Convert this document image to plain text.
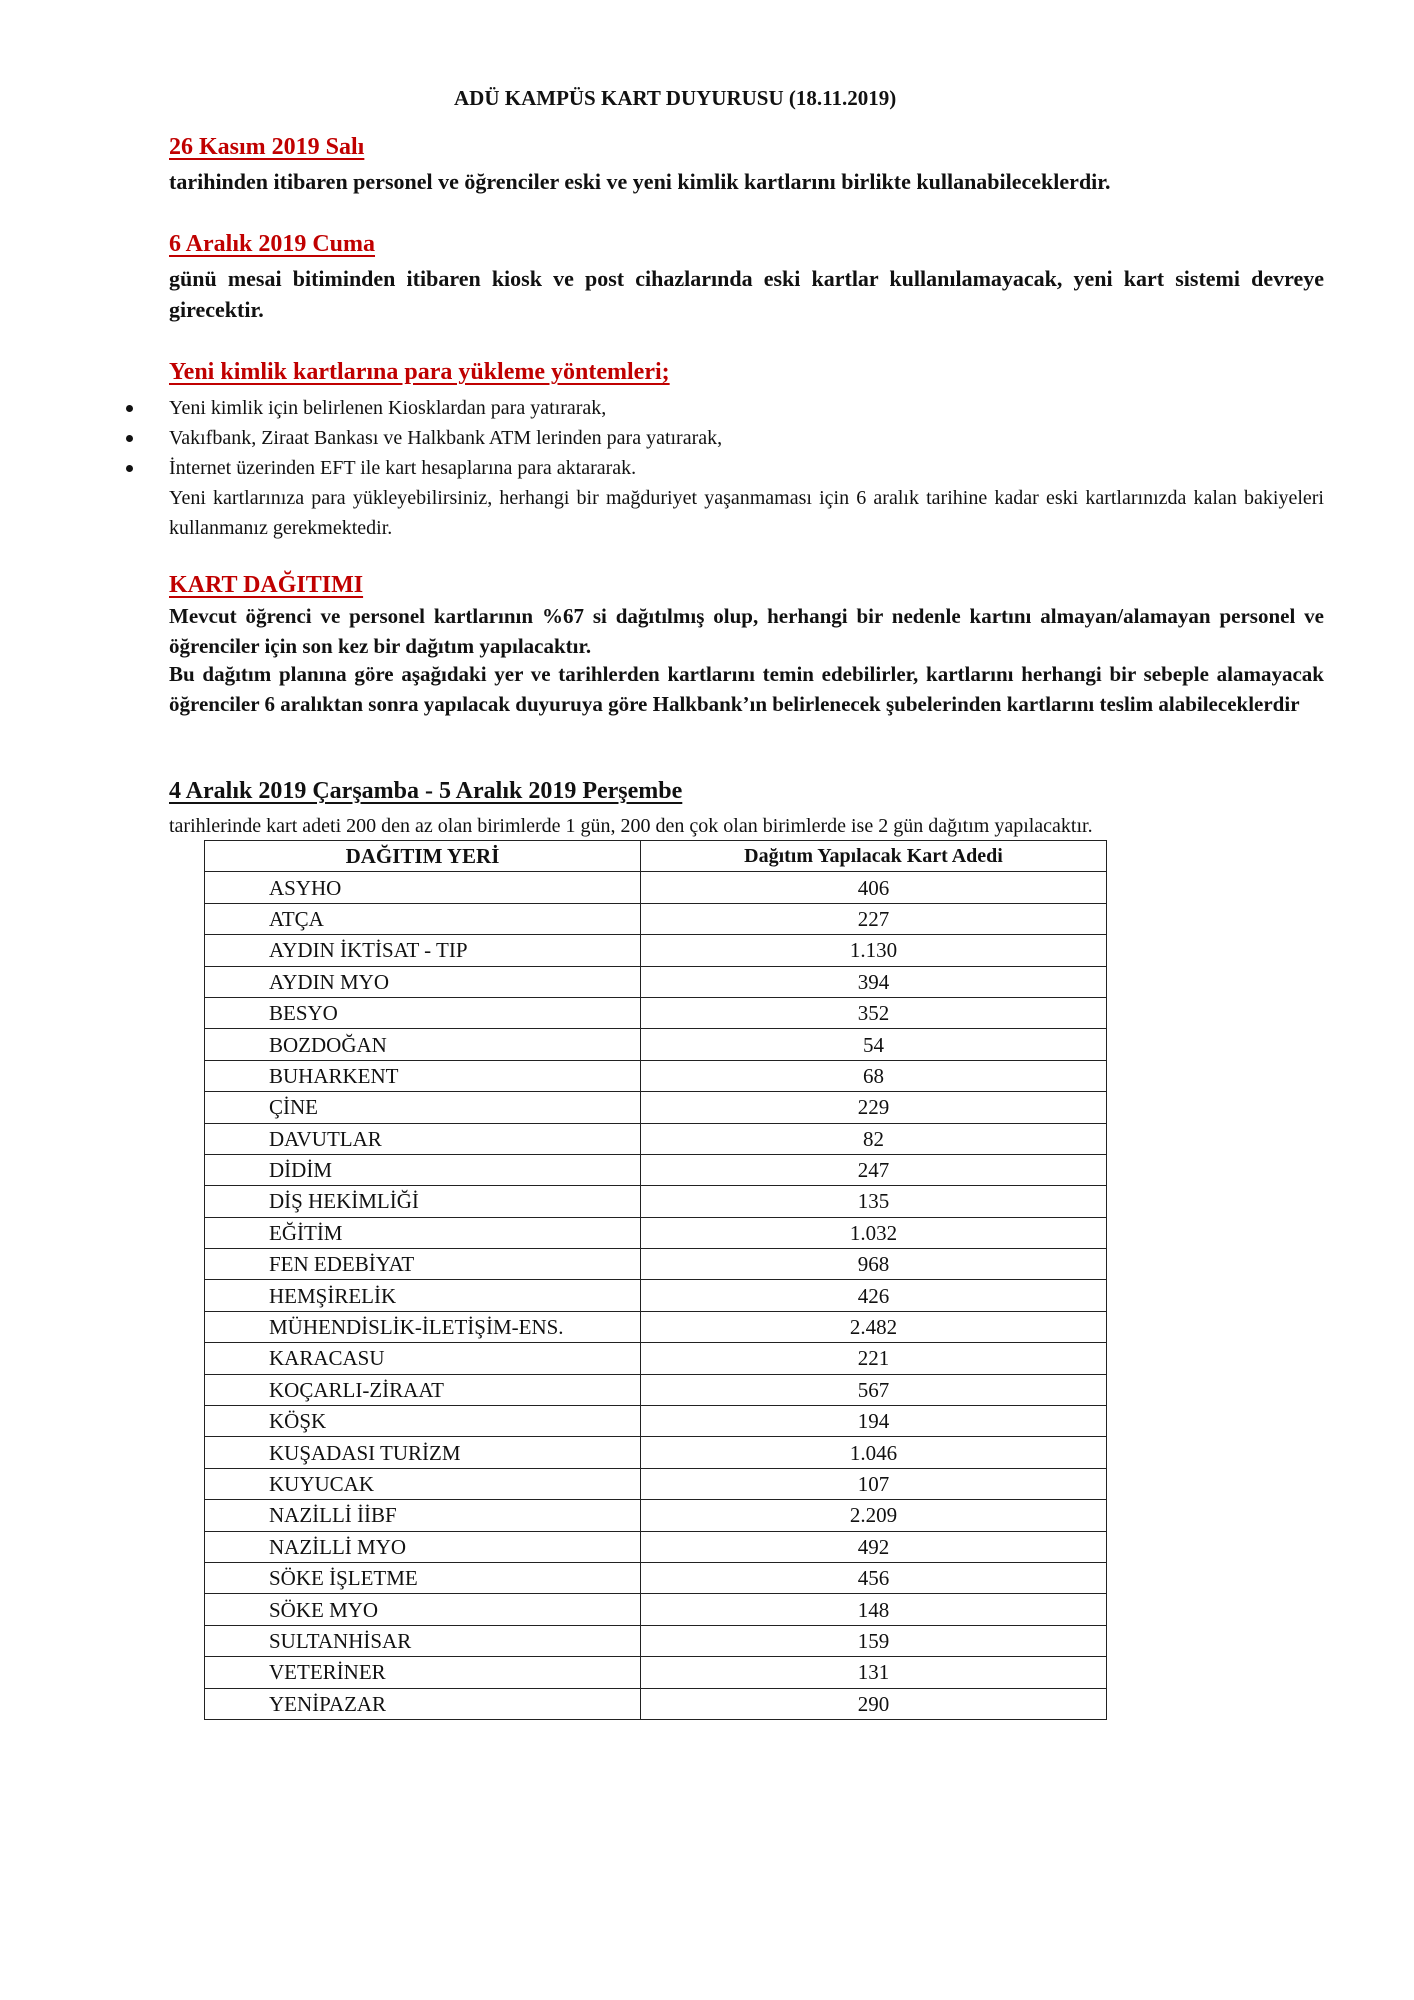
ADÜ KAMPÜS KART DUYURUSU (18.11.2019)
26 Kasım 2019 Salı
tarihinden itibaren personel ve öğrenciler eski ve yeni kimlik kartlarını birlikte kullanabileceklerdir.
6 Aralık 2019 Cuma
günü mesai bitiminden itibaren kiosk ve post cihazlarında eski kartlar kullanılamayacak, yeni kart sistemi devreye girecektir.
Yeni kimlik kartlarına para yükleme yöntemleri;
Yeni kimlik için belirlenen Kiosklardan para yatırarak,
Vakıfbank, Ziraat Bankası ve Halkbank ATM lerinden para yatırarak,
İnternet üzerinden EFT ile kart hesaplarına para aktararak.
Yeni kartlarınıza para yükleyebilirsiniz, herhangi bir mağduriyet yaşanmaması için 6 aralık tarihine kadar eski kartlarınızda kalan bakiyeleri kullanmanız gerekmektedir.
KART DAĞITIMI
Mevcut öğrenci ve personel kartlarının %67 si dağıtılmış olup, herhangi bir nedenle kartını almayan/alamayan personel ve öğrenciler için son kez bir dağıtım yapılacaktır.
Bu dağıtım planına göre aşağıdaki yer ve tarihlerden kartlarını temin edebilirler, kartlarını herhangi bir sebeple alamayacak öğrenciler 6 aralıktan sonra yapılacak duyuruya göre Halkbank’ın belirlenecek şubelerinden kartlarını teslim alabileceklerdir
4 Aralık 2019 Çarşamba - 5 Aralık 2019 Perşembe
tarihlerinde kart adeti 200 den az olan birimlerde 1 gün, 200 den çok olan birimlerde ise 2 gün dağıtım yapılacaktır.
DAĞITIM YERİ	Dağıtım Yapılacak Kart Adedi
ASYHO	406
ATÇA	227
AYDIN İKTİSAT - TIP	1.130
AYDIN MYO	394
BESYO	352
BOZDOĞAN	54
BUHARKENT	68
ÇİNE	229
DAVUTLAR	82
DİDİM	247
DİŞ HEKİMLİĞİ	135
EĞİTİM	1.032
FEN EDEBİYAT	968
HEMŞİRELİK	426
MÜHENDİSLİK-İLETİŞİM-ENS.	2.482
KARACASU	221
KOÇARLI-ZİRAAT	567
KÖŞK	194
KUŞADASI TURİZM	1.046
KUYUCAK	107
NAZİLLİ İİBF	2.209
NAZİLLİ MYO	492
SÖKE İŞLETME	456
SÖKE MYO	148
SULTANHİSAR	159
VETERİNER	131
YENİPAZAR	290
